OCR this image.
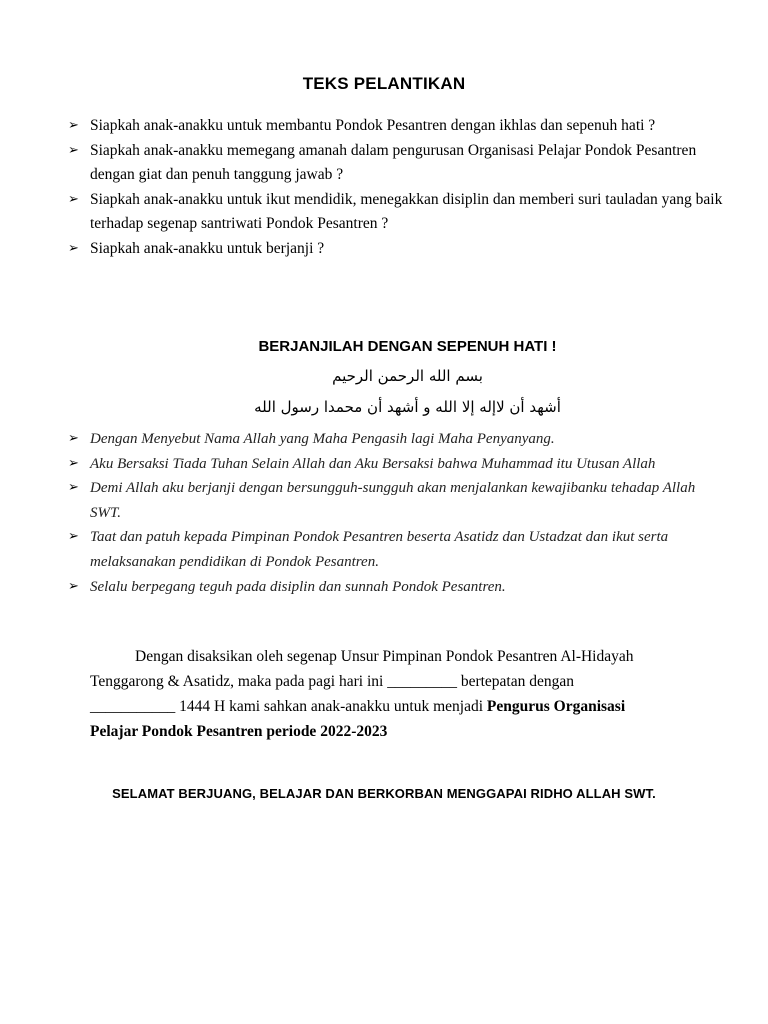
TEKS PELANTIKAN
➢ Siapkah anak-anakku untuk membantu Pondok Pesantren dengan ikhlas dan sepenuh hati ?
➢ Siapkah anak-anakku memegang amanah dalam pengurusan Organisasi Pelajar Pondok Pesantren dengan giat dan penuh tanggung jawab ?
➢ Siapkah anak-anakku untuk ikut mendidik, menegakkan disiplin dan memberi suri tauladan yang baik terhadap segenap santriwati Pondok Pesantren ?
➢ Siapkah anak-anakku untuk berjanji ?
BERJANJILAH DENGAN SEPENUH HATI !
بسم الله الرحمن الرحيم
أشهد أن لاإله إلا الله و أشهد أن محمدا رسول الله
➢ Dengan Menyebut Nama Allah yang Maha Pengasih lagi Maha Penyanyang.
➢ Aku Bersaksi Tiada Tuhan Selain Allah dan Aku Bersaksi bahwa Muhammad itu Utusan Allah
➢ Demi Allah aku berjanji dengan bersungguh-sungguh akan menjalankan kewajibanku tehadap Allah SWT.
➢ Taat dan patuh kepada Pimpinan Pondok Pesantren beserta Asatidz dan Ustadzat dan ikut serta melaksanakan pendidikan di Pondok Pesantren.
➢ Selalu berpegang teguh pada disiplin dan sunnah Pondok Pesantren.

Dengan disaksikan oleh segenap Unsur Pimpinan Pondok Pesantren Al-Hidayah
Tenggarong & Asatidz, maka pada pagi hari ini _________ bertepatan dengan
___________ 1444 H kami sahkan anak-anakku untuk menjadi Pengurus Organisasi
Pelajar Pondok Pesantren periode 2022-2023

SELAMAT BERJUANG, BELAJAR DAN BERKORBAN MENGGAPAI RIDHO ALLAH SWT.
